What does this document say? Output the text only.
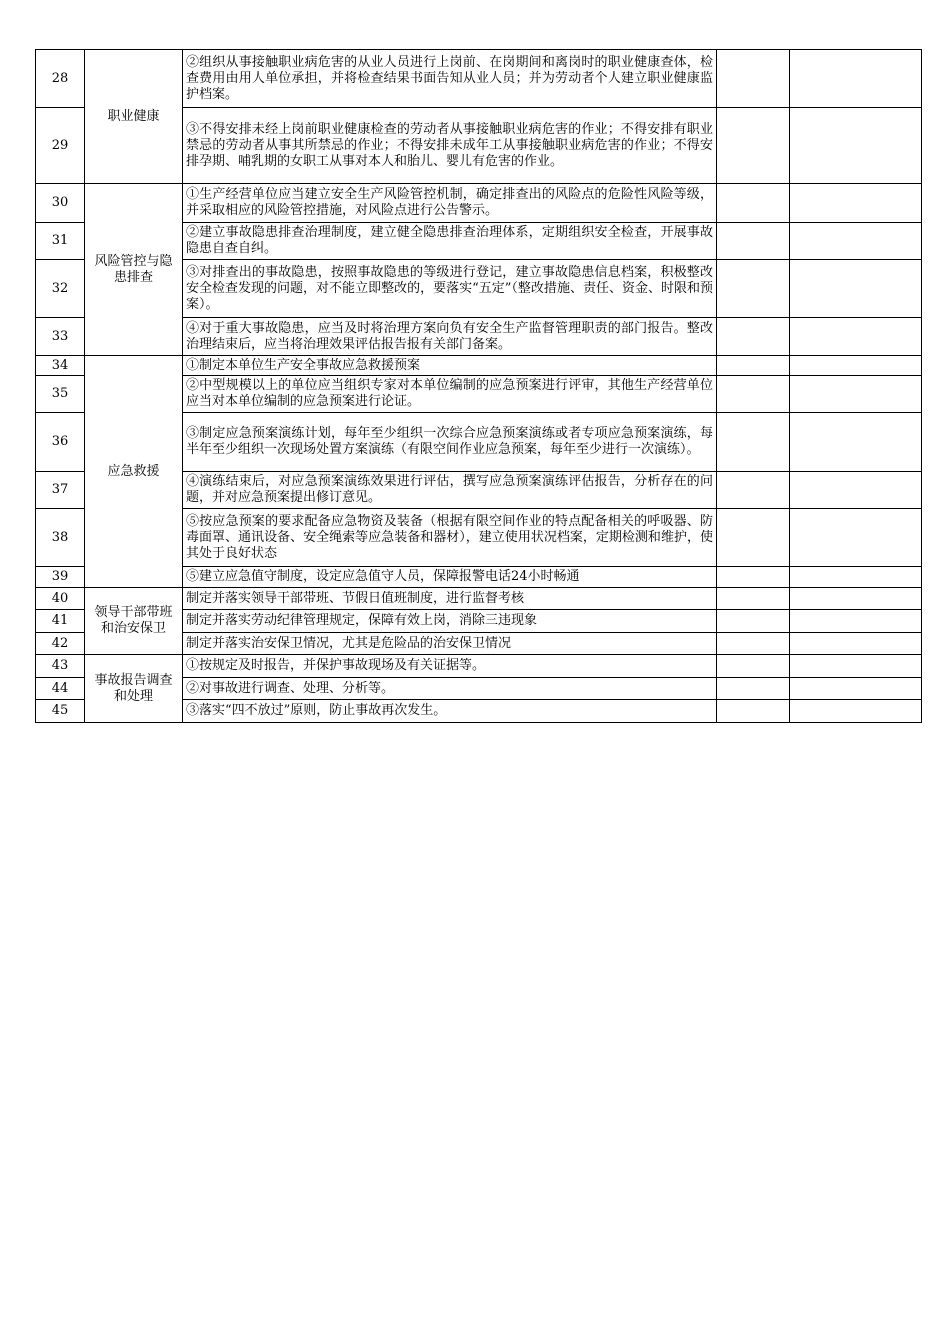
28	职业健康	②组织从事接触职业病危害的从业人员进行上岗前、在岗期间和离岗时的职业健康查体，检查费用由用人单位承担，并将检查结果书面告知从业人员；并为劳动者个人建立职业健康监护档案。		
29		③不得安排未经上岗前职业健康检查的劳动者从事接触职业病危害的作业；不得安排有职业禁忌的劳动者从事其所禁忌的作业；不得安排未成年工从事接触职业病危害的作业；不得安排孕期、哺乳期的女职工从事对本人和胎儿、婴儿有危害的作业。		
30	风险管控与隐患排查	①生产经营单位应当建立安全生产风险管控机制，确定排查出的风险点的危险性风险等级，并采取相应的风险管控措施，对风险点进行公告警示。		
31		②建立事故隐患排查治理制度，建立健全隐患排查治理体系，定期组织安全检查，开展事故隐患自查自纠。		
32		③对排查出的事故隐患，按照事故隐患的等级进行登记，建立事故隐患信息档案，积极整改安全检查发现的问题，对不能立即整改的，要落实“五定”（整改措施、责任、资金、时限和预案）。		
33		④对于重大事故隐患，应当及时将治理方案向负有安全生产监督管理职责的部门报告。整改治理结束后，应当将治理效果评估报告报有关部门备案。		
34	应急救援	①制定本单位生产安全事故应急救援预案		
35		②中型规模以上的单位应当组织专家对本单位编制的应急预案进行评审，其他生产经营单位应当对本单位编制的应急预案进行论证。		
36		③制定应急预案演练计划，每年至少组织一次综合应急预案演练或者专项应急预案演练，每半年至少组织一次现场处置方案演练（有限空间作业应急预案，每年至少进行一次演练）。		
37		④演练结束后，对应急预案演练效果进行评估，撰写应急预案演练评估报告，分析存在的问题，并对应急预案提出修订意见。		
38		⑤按应急预案的要求配备应急物资及装备（根据有限空间作业的特点配备相关的呼吸器、防毒面罩、通讯设备、安全绳索等应急装备和器材），建立使用状况档案，定期检测和维护，使其处于良好状态		
39		⑤建立应急值守制度，设定应急值守人员，保障报警电话24小时畅通		
40	领导干部带班和治安保卫	制定并落实领导干部带班、节假日值班制度，进行监督考核		
41		制定并落实劳动纪律管理规定，保障有效上岗，消除三违现象		
42		制定并落实治安保卫情况，尤其是危险品的治安保卫情况		
43	事故报告调查和处理	①按规定及时报告，并保护事故现场及有关证据等。		
44		②对事故进行调查、处理、分析等。		
45		③落实“四不放过”原则，防止事故再次发生。		
